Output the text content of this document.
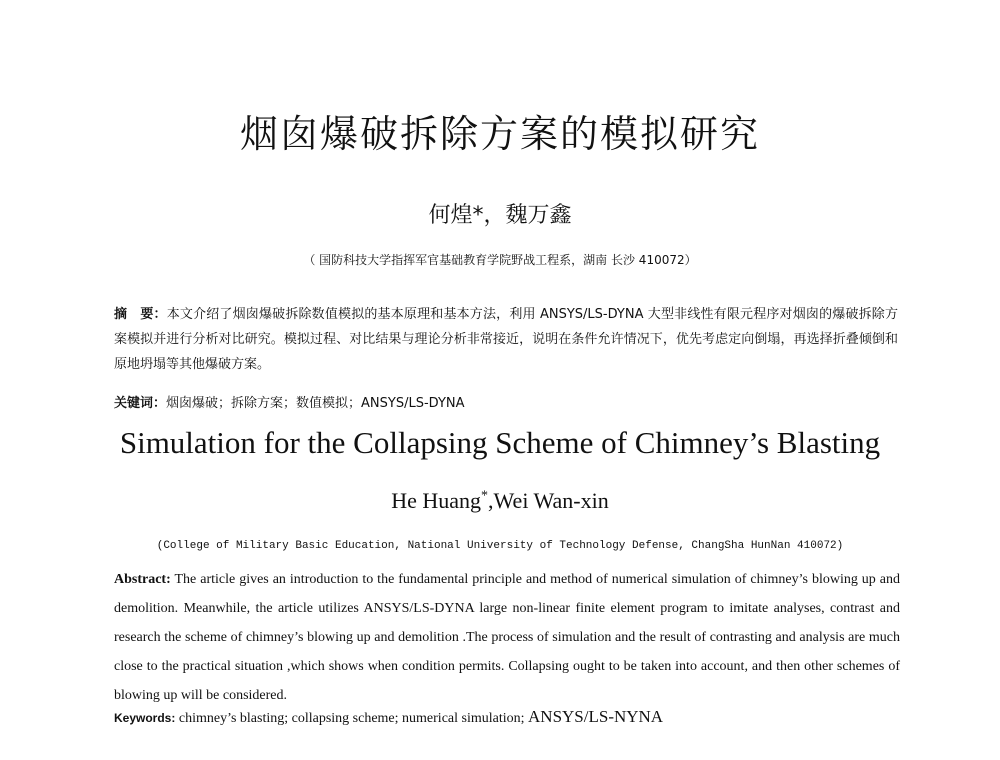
烟囱爆破拆除方案的模拟研究
何煌*，魏万鑫
（ 国防科技大学指挥军官基础教育学院野战工程系，湖南 长沙 410072）
摘　要：本文介绍了烟囱爆破拆除数值模拟的基本原理和基本方法，利用 ANSYS/LS-DYNA 大型非线性有限元程序对烟囱的爆破拆除方案模拟并进行分析对比研究。模拟过程、对比结果与理论分析非常接近，说明在条件允许情况下，优先考虑定向倒塌，再选择折叠倾倒和原地坍塌等其他爆破方案。
关键词：烟囱爆破；拆除方案；数值模拟；ANSYS/LS-DYNA
Simulation for the Collapsing Scheme of Chimney’s Blasting
He Huang*,Wei Wan-xin
(College of Military Basic Education, National University of Technology Defense, ChangSha HunNan 410072)
Abstract: The article gives an introduction to the fundamental principle and method of numerical simulation of chimney’s blowing up and demolition. Meanwhile, the article utilizes ANSYS/LS-DYNA large non-linear finite element program to imitate analyses, contrast and research the scheme of chimney’s blowing up and demolition .The process of simulation and the result of contrasting and analysis are much close to the practical situation ,which shows when condition permits. Collapsing ought to be taken into account, and then other schemes of blowing up will be considered.
Keywords: chimney’s blasting; collapsing scheme; numerical simulation; ANSYS/LS-NYNA
